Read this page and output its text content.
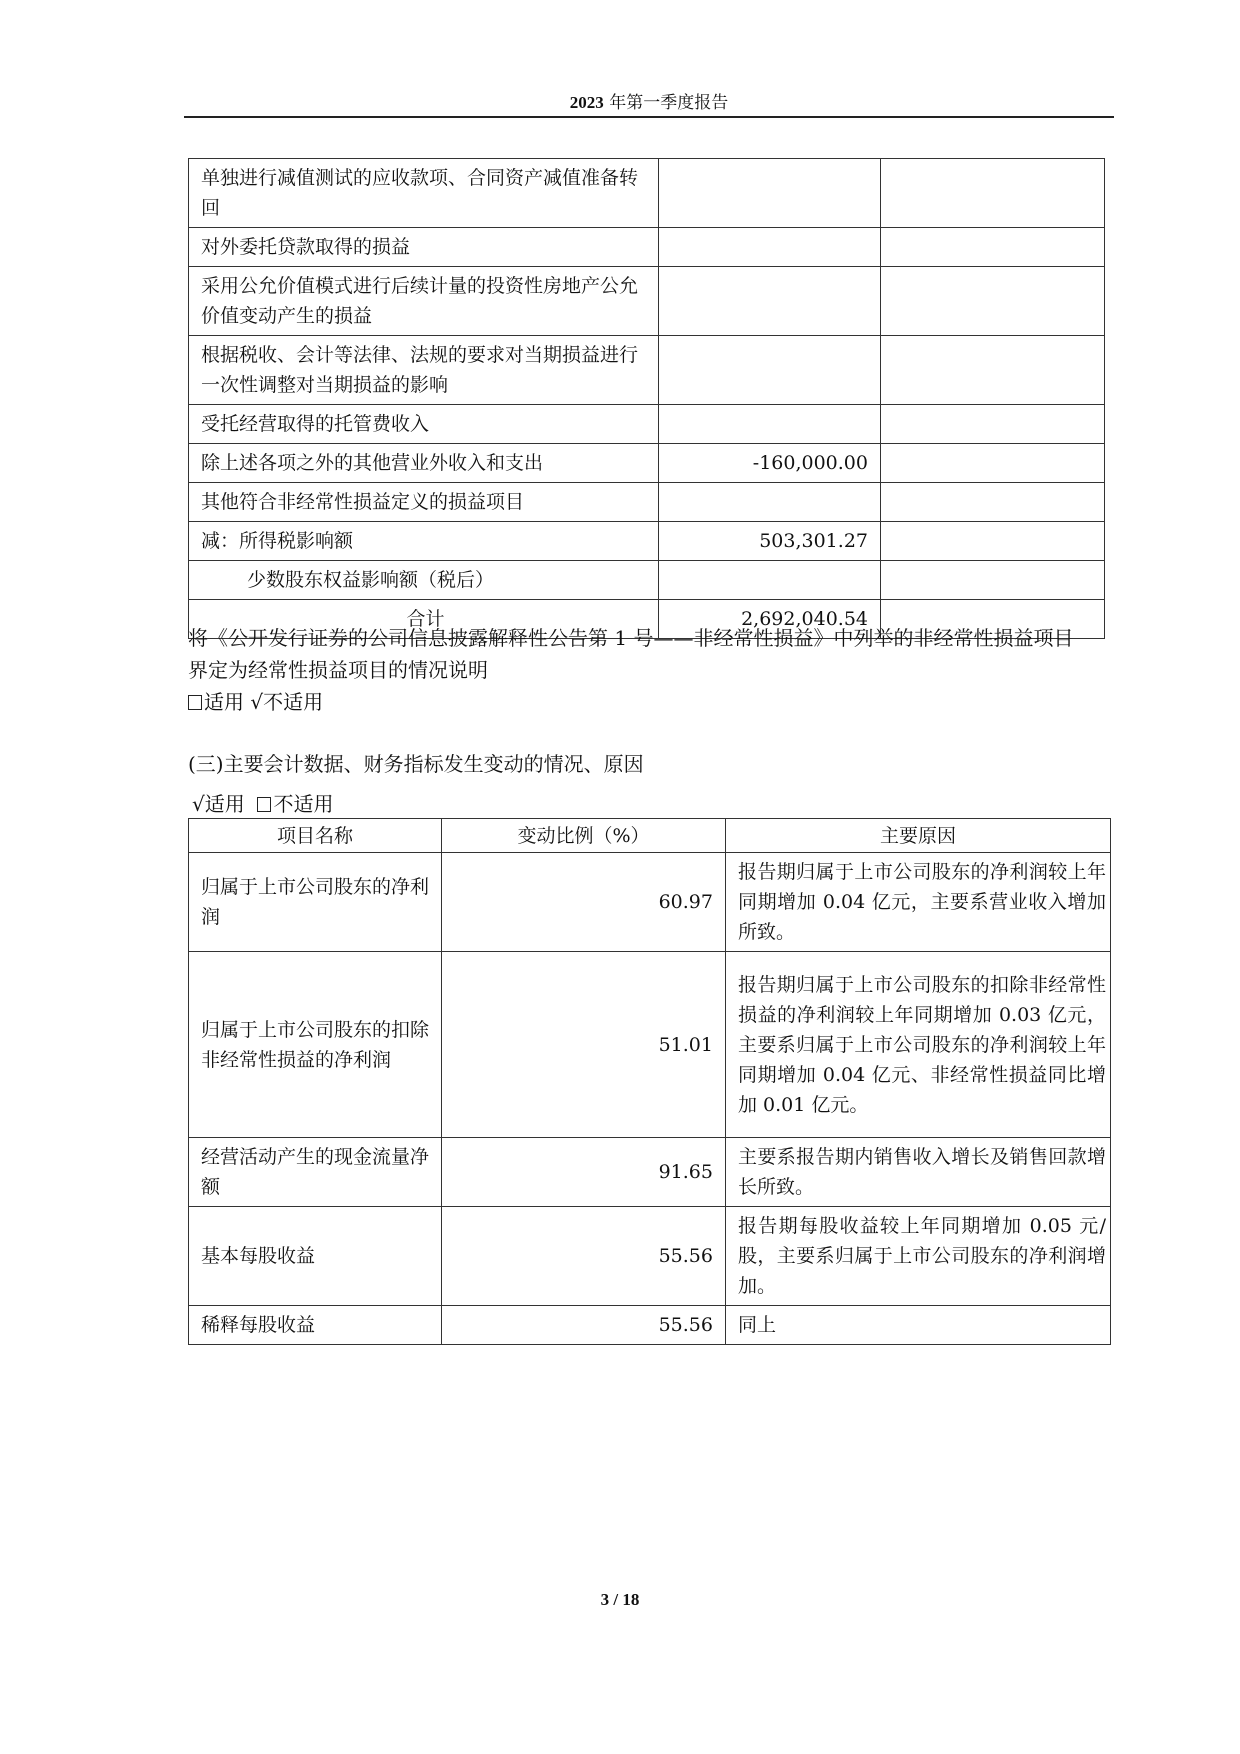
2023 年第一季度报告
单独进行减值测试的应收款项、合同资产减值准备转回		
对外委托贷款取得的损益		
采用公允价值模式进行后续计量的投资性房地产公允价值变动产生的损益		
根据税收、会计等法律、法规的要求对当期损益进行一次性调整对当期损益的影响		
受托经营取得的托管费收入		
除上述各项之外的其他营业外收入和支出	-160,000.00	
其他符合非经常性损益定义的损益项目		
减：所得税影响额	503,301.27	
少数股东权益影响额（税后）		
合计	2,692,040.54	
将《公开发行证券的公司信息披露解释性公告第 1 号——非经常性损益》中列举的非经常性损益项目界定为经常性损益项目的情况说明
适用 √不适用
(三)主要会计数据、财务指标发生变动的情况、原因
√适用 不适用
项目名称	变动比例（%）	主要原因
归属于上市公司股东的净利润	60.97	报告期归属于上市公司股东的净利润较上年同期增加 0.04 亿元，主要系营业收入增加所致。
归属于上市公司股东的扣除非经常性损益的净利润	51.01	报告期归属于上市公司股东的扣除非经常性损益的净利润较上年同期增加 0.03 亿元，主要系归属于上市公司股东的净利润较上年同期增加 0.04 亿元、非经常性损益同比增加 0.01 亿元。
经营活动产生的现金流量净额	91.65	主要系报告期内销售收入增长及销售回款增长所致。
基本每股收益	55.56	报告期每股收益较上年同期增加 0.05 元/股，主要系归属于上市公司股东的净利润增加。
稀释每股收益	55.56	同上
3 / 18
